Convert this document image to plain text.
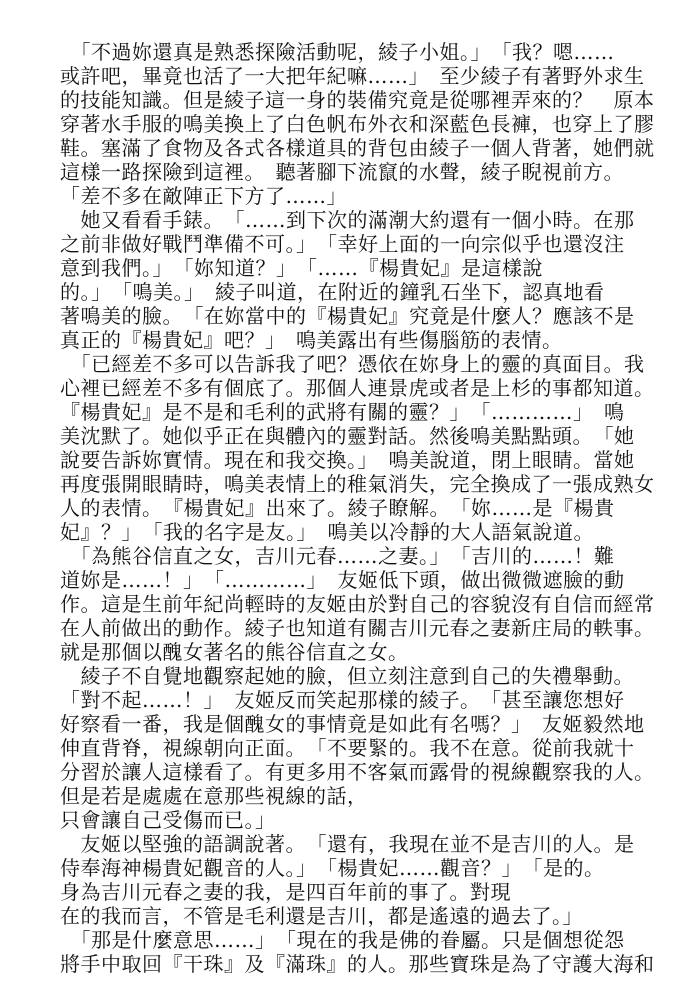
　「不過妳還真是熟悉探險活動呢，綾子小姐。」　「我？嗯……
或許吧，畢竟也活了一大把年紀嘛……」　至少綾子有著野外求生
的技能知識。但是綾子這一身的裝備究竟是從哪裡弄來的？　原本
穿著水手服的鳴美換上了白色帆布外衣和深藍色長褲，也穿上了膠
鞋。塞滿了食物及各式各樣道具的背包由綾子一個人背著，她們就
這樣一路探險到這裡。　聽著腳下流竄的水聲，綾子睨視前方。
「差不多在敵陣正下方了……」
　她又看看手錶。　「……到下次的滿潮大約還有一個小時。在那
之前非做好戰鬥準備不可。」　「幸好上面的一向宗似乎也還沒注
意到我們。」　「妳知道？」　「……『楊貴妃』是這樣說
的。」　「鳴美。」　綾子叫道，在附近的鐘乳石坐下，認真地看
著鳴美的臉。　「在妳當中的『楊貴妃』究竟是什麼人？應該不是
真正的『楊貴妃』吧？」　鳴美露出有些傷腦筋的表情。
　「已經差不多可以告訴我了吧？憑依在妳身上的靈的真面目。我
心裡已經差不多有個底了。那個人連景虎或者是上杉的事都知道。
『楊貴妃』是不是和毛利的武將有關的靈？」　「…………」　鳴
美沈默了。她似乎正在與體內的靈對話。然後鳴美點點頭。　「她
說要告訴妳實情。現在和我交換。」　鳴美說道，閉上眼睛。當她
再度張開眼睛時，鳴美表情上的稚氣消失，完全換成了一張成熟女
人的表情。　『楊貴妃』出來了。綾子瞭解。　「妳……是『楊貴
妃』？」　「我的名字是友。」　鳴美以冷靜的大人語氣說道。
　「為熊谷信直之女，吉川元春……之妻。」　「吉川的……！難
道妳是……！」　「…………」　友姬低下頭，做出微微遮臉的動
作。這是生前年紀尚輕時的友姬由於對自己的容貌沒有自信而經常
在人前做出的動作。綾子也知道有關吉川元春之妻新庄局的軼事。
就是那個以醜女著名的熊谷信直之女。
　綾子不自覺地觀察起她的臉，但立刻注意到自己的失禮舉動。
「對不起……！」　友姬反而笑起那樣的綾子。　「甚至讓您想好
好察看一番，我是個醜女的事情竟是如此有名嗎？」　友姬毅然地
伸直背脊，視線朝向正面。　「不要緊的。我不在意。從前我就十
分習於讓人這樣看了。有更多用不客氣而露骨的視線觀察我的人。
但是若是處處在意那些視線的話，
只會讓自己受傷而已。」
　友姬以堅強的語調說著。　「還有，我現在並不是吉川的人。是
侍奉海神楊貴妃觀音的人。」　「楊貴妃……觀音？」　「是的。
身為吉川元春之妻的我，是四百年前的事了。對現
在的我而言，不管是毛利還是吉川，都是遙遠的過去了。」
　「那是什麼意思……」　「現在的我是佛的眷屬。只是個想從怨
將手中取回『干珠』及『滿珠』的人。那些寶珠是為了守護大海和
